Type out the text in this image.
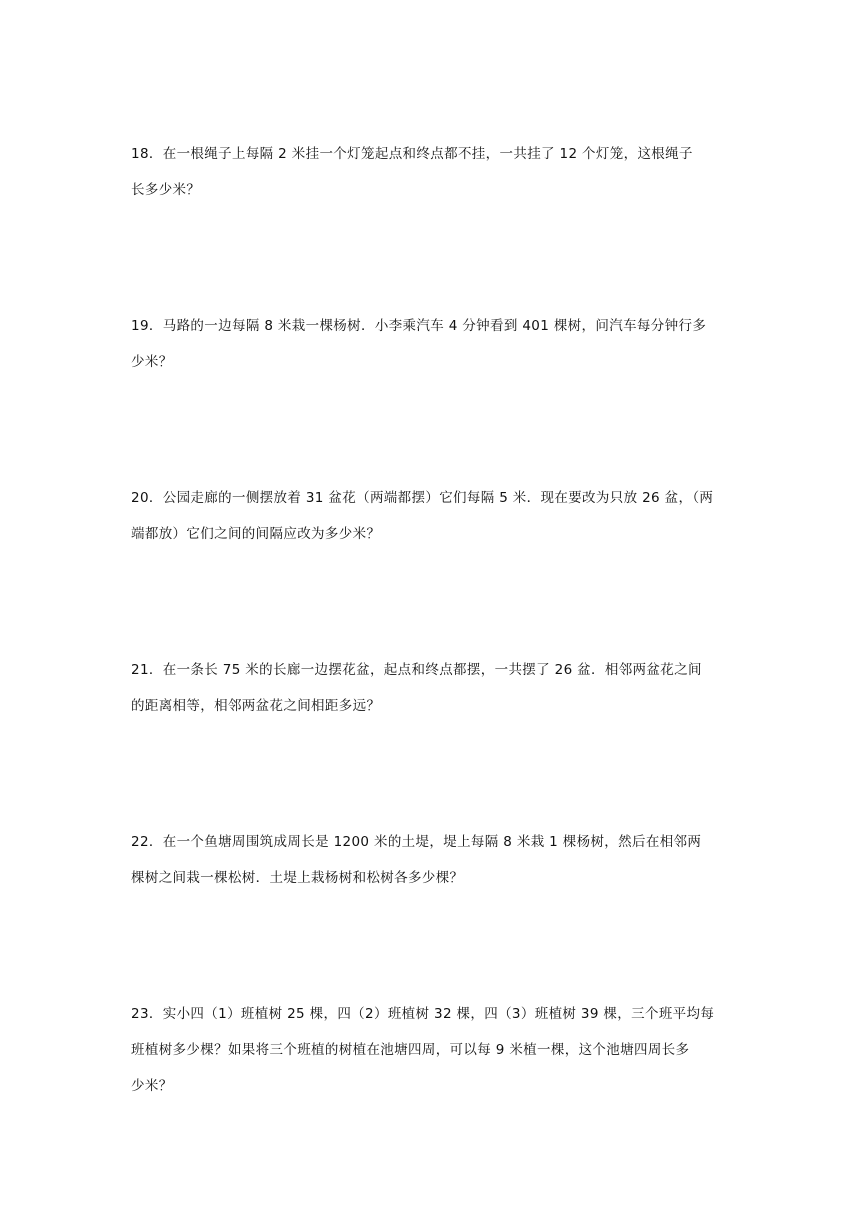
18．在一根绳子上每隔 2 米挂一个灯笼起点和终点都不挂，一共挂了 12 个灯笼，这根绳子
长多少米？
19．马路的一边每隔 8 米栽一棵杨树．小李乘汽车 4 分钟看到 401 棵树，问汽车每分钟行多
少米？
20．公园走廊的一侧摆放着 31 盆花（两端都摆）它们每隔 5 米．现在要改为只放 26 盆，（两
端都放）它们之间的间隔应改为多少米？
21．在一条长 75 米的长廊一边摆花盆，起点和终点都摆，一共摆了 26 盆．相邻两盆花之间
的距离相等，相邻两盆花之间相距多远？
22．在一个鱼塘周围筑成周长是 1200 米的土堤，堤上每隔 8 米栽 1 棵杨树，然后在相邻两
棵树之间栽一棵松树．土堤上栽杨树和松树各多少棵？
23．实小四（1）班植树 25 棵，四（2）班植树 32 棵，四（3）班植树 39 棵，三个班平均每
班植树多少棵？如果将三个班植的树植在池塘四周，可以每 9 米植一棵，这个池塘四周长多
少米？
